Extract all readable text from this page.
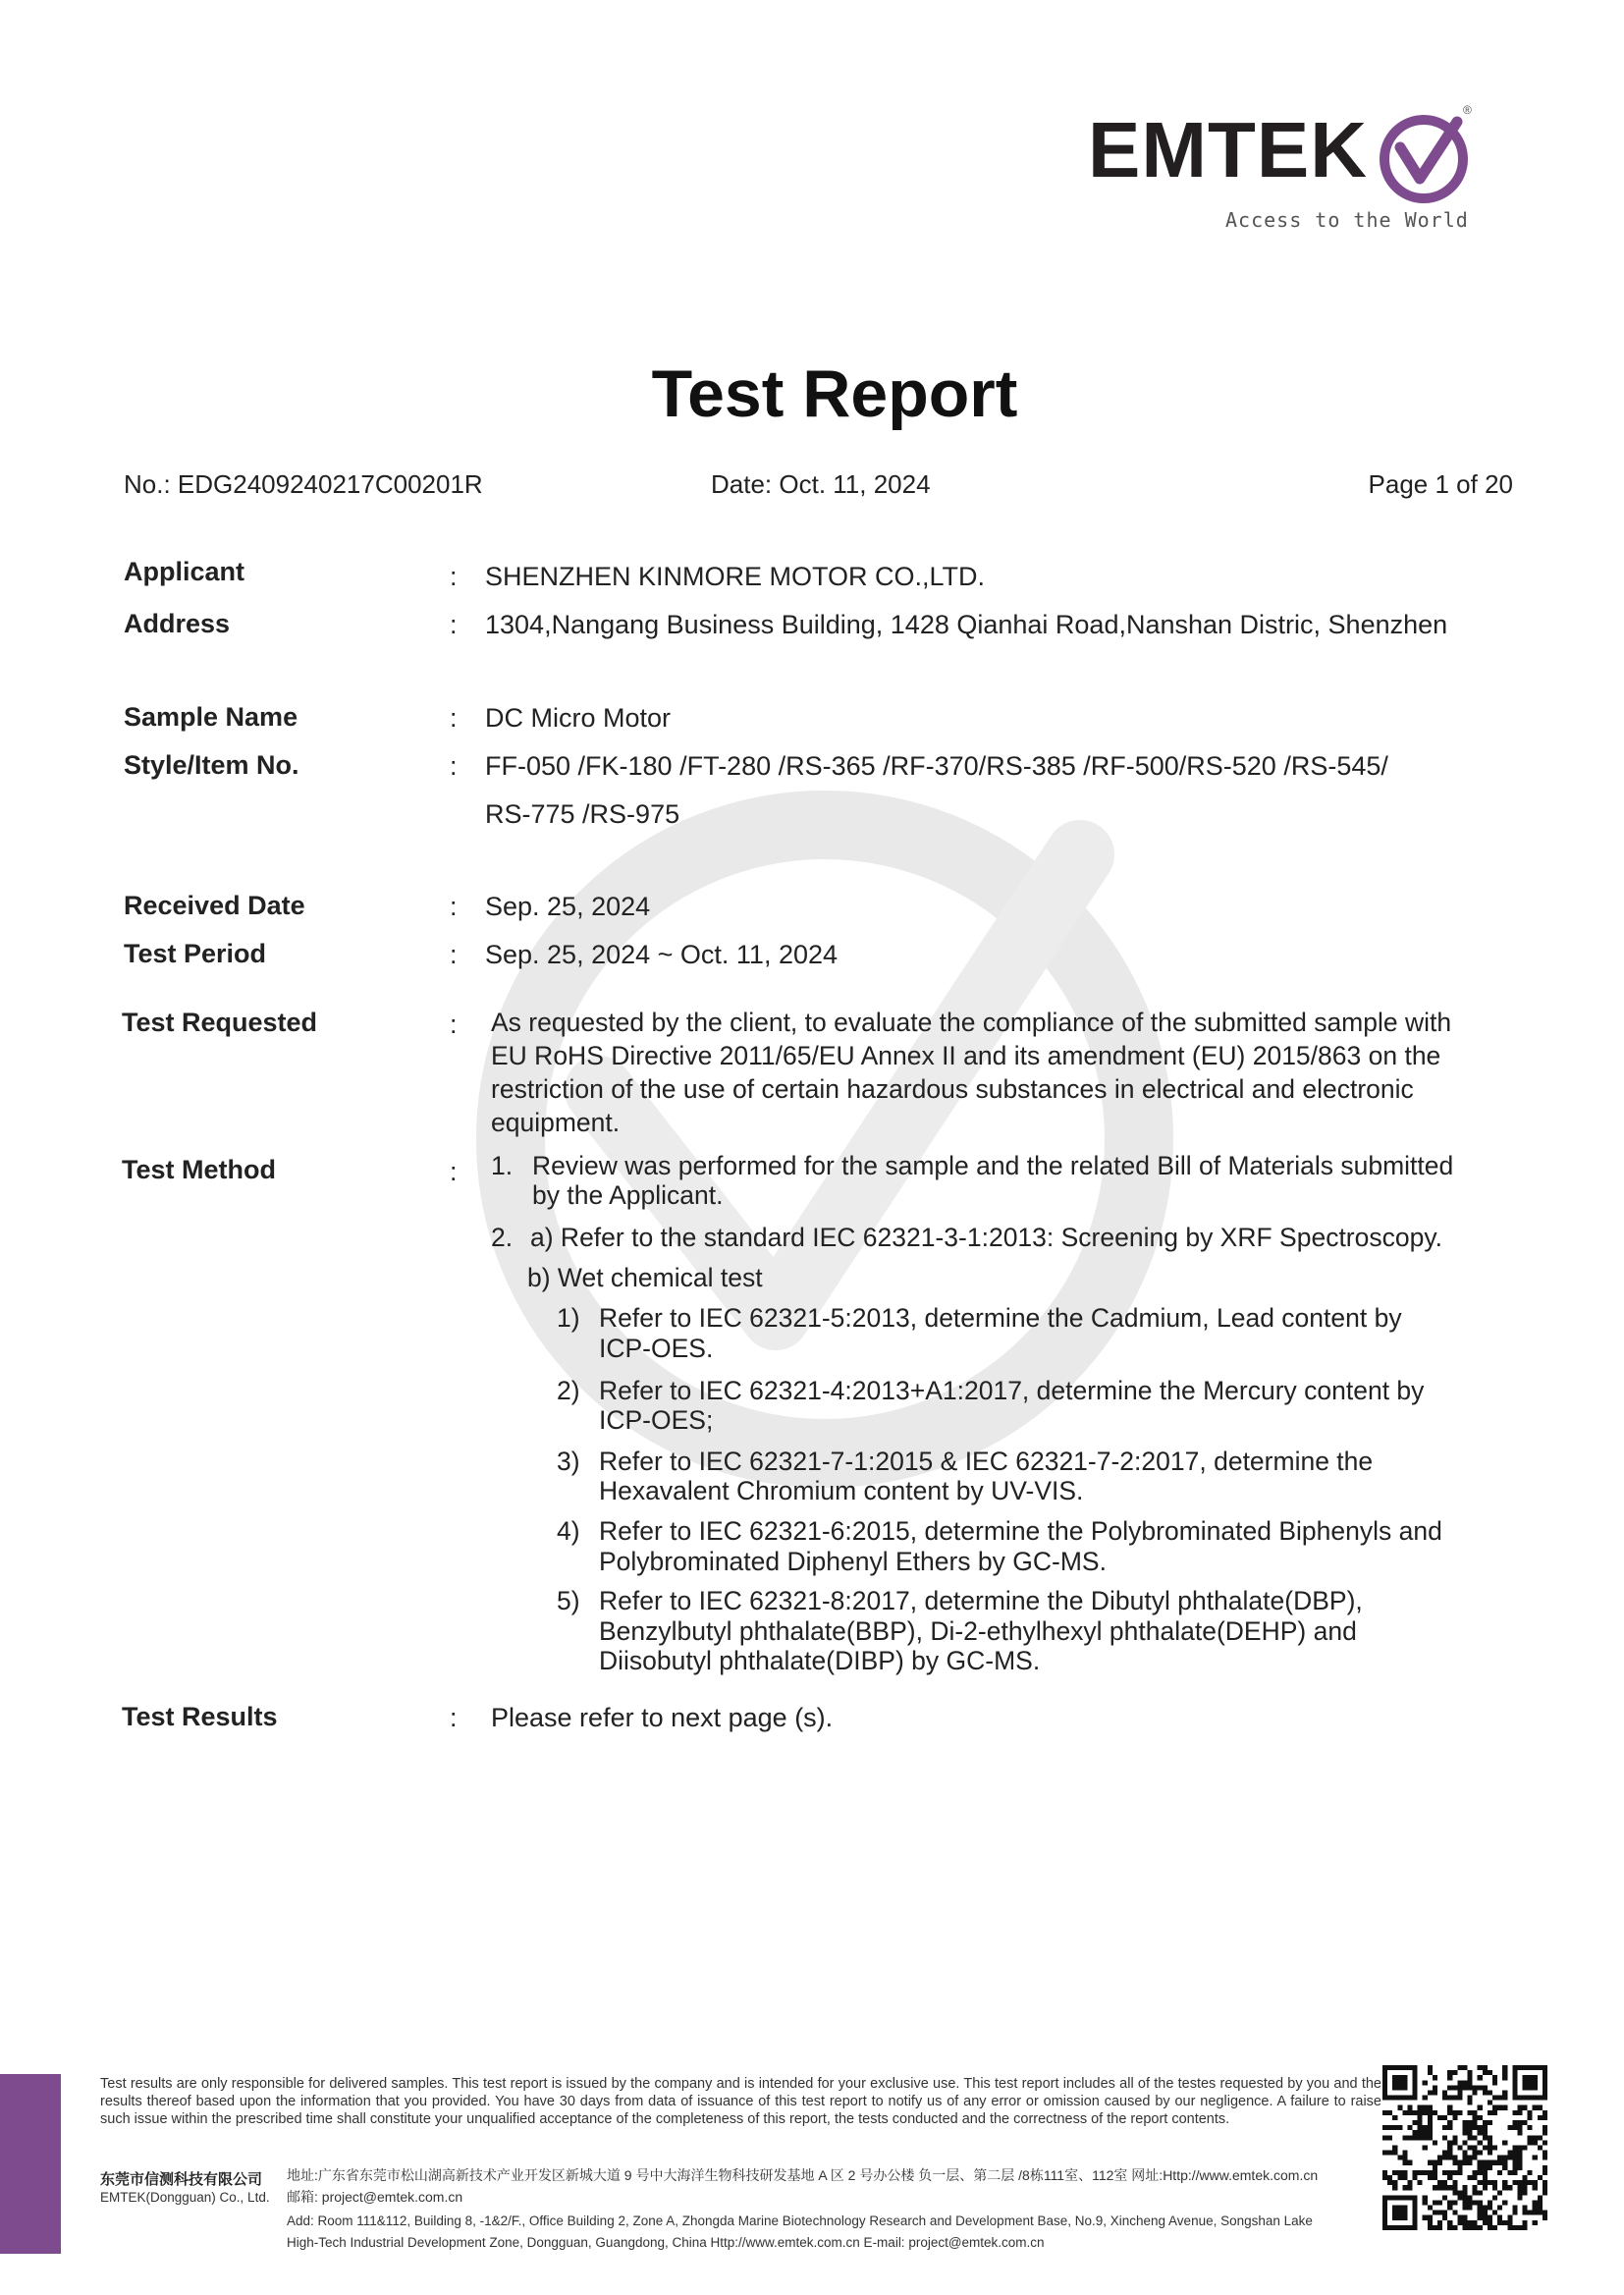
EMTEK	®
Access to the World
Test Report
No.: EDG2409240217C00201R	Date: Oct. 11, 2024	Page 1 of 20
Applicant	: SHENZHEN KINMORE MOTOR CO.,LTD.
Address	: 1304,Nangang Business Building, 1428 Qianhai Road,Nanshan Distric, Shenzhen
Sample Name	: DC Micro Motor
Style/Item No.	: FF-050 /FK-180 /FT-280 /RS-365 /RF-370/RS-385 /RF-500/RS-520 /RS-545/
RS-775 /RS-975
Received Date	: Sep. 25, 2024
Test Period	: Sep. 25, 2024 ~ Oct. 11, 2024
Test Requested	: As requested by the client, to evaluate the compliance of the submitted sample with
EU RoHS Directive 2011/65/EU Annex II and its amendment (EU) 2015/863 on the
restriction of the use of certain hazardous substances in electrical and electronic
equipment.
Test Method	: 1. Review was performed for the sample and the related Bill of Materials submitted
by the Applicant.
2. a) Refer to the standard IEC 62321-3-1:2013: Screening by XRF Spectroscopy.
b) Wet chemical test
1) Refer to IEC 62321-5:2013, determine the Cadmium, Lead content by
ICP-OES.
2) Refer to IEC 62321-4:2013+A1:2017, determine the Mercury content by
ICP-OES;
3) Refer to IEC 62321-7-1:2015 & IEC 62321-7-2:2017, determine the
Hexavalent Chromium content by UV-VIS.
4) Refer to IEC 62321-6:2015, determine the Polybrominated Biphenyls and
Polybrominated Diphenyl Ethers by GC-MS.
5) Refer to IEC 62321-8:2017, determine the Dibutyl phthalate(DBP),
Benzylbutyl phthalate(BBP), Di-2-ethylhexyl phthalate(DEHP) and
Diisobutyl phthalate(DIBP) by GC-MS.
Test Results	: Please refer to next page (s).
Test results are only responsible for delivered samples. This test report is issued by the company and is intended for your exclusive use. This test report includes all of the testes requested by you and the results thereof based upon the information that you provided. You have 30 days from data of issuance of this test report to notify us of any error or omission caused by our negligence. A failure to raise such issue within the prescribed time shall constitute your unqualified acceptance of the completeness of this report, the tests conducted and the correctness of the report contents.
东莞市信测科技有限公司
EMTEK(Dongguan) Co., Ltd.
地址:广东省东莞市松山湖高新技术产业开发区新城大道 9 号中大海洋生物科技研发基地 A 区 2 号办公楼 负一层、第二层 /8栋111室、112室 网址:Http://www.emtek.com.cn
邮箱: project@emtek.com.cn
Add: Room 111&112, Building 8, -1&2/F., Office Building 2, Zone A, Zhongda Marine Biotechnology Research and Development Base, No.9, Xincheng Avenue, Songshan Lake
High-Tech Industrial Development Zone, Dongguan, Guangdong, China Http://www.emtek.com.cn E-mail: project@emtek.com.cn
